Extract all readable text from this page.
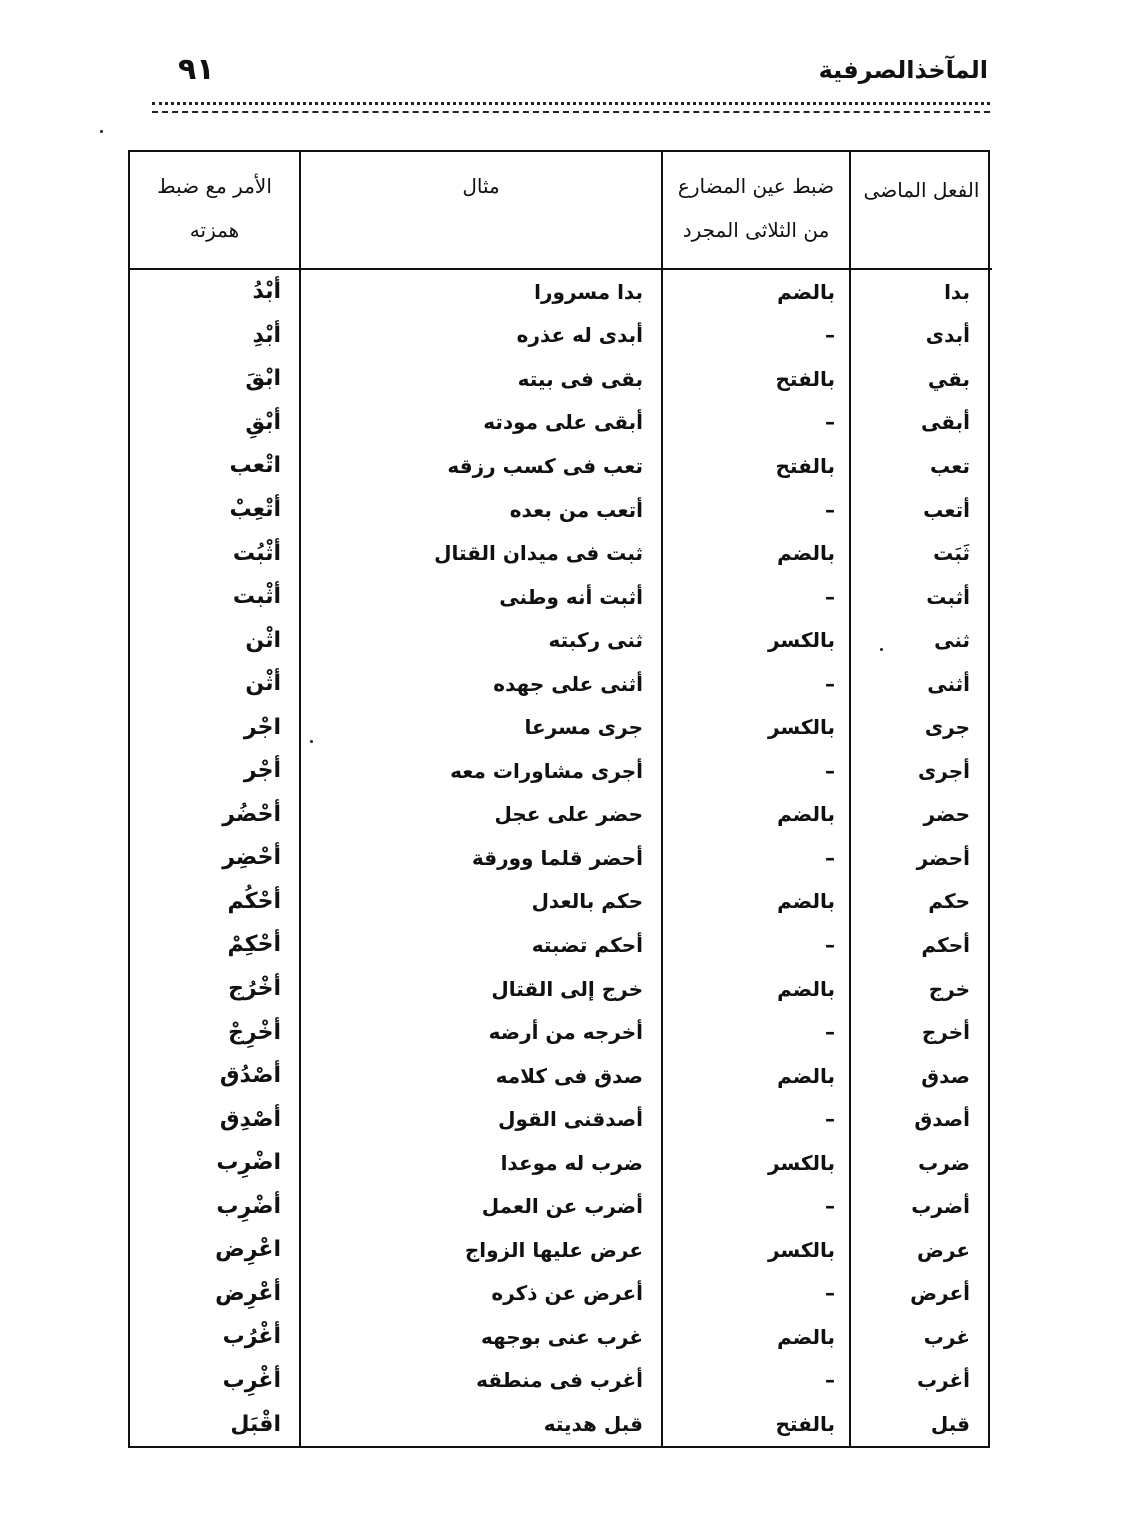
٩١	المآخذالصرفية
الفعل الماضى	ضبط عين المضارع من الثلاثى المجرد	مثال	الأمر مع ضبط همزته
بدا	بالضم	بدا مسرورا	أبْدُ
أبدى	–	أبدى له عذره	أبْدِ
بقي	بالفتح	بقى فى بيته	ابْقَ
أبقى	–	أبقى على مودته	أبْقِ
تعب	بالفتح	تعب فى كسب رزقه	اتْعب
أتعب	–	أتعب من بعده	أتْعِبْ
ثَبَت	بالضم	ثبت فى ميدان القتال	أثْبُت
أثبت	–	أثبت أنه وطنى	أثْبت
ثنى	بالكسر	ثنى ركبته	اثْن
أثنى	–	أثنى على جهده	أثْن
جرى	بالكسر	جرى مسرعا	اجْر
أجرى	–	أجرى مشاورات معه	أجْر
حضر	بالضم	حضر على عجل	أحْضُر
أحضر	–	أحضر قلما وورقة	أحْضِر
حكم	بالضم	حكم بالعدل	أحْكُم
أحكم	–	أحكم تضبته	أحْكِمْ
خرج	بالضم	خرج إلى القتال	أخْرُج
أخرج	–	أخرجه من أرضه	أخْرِجْ
صدق	بالضم	صدق فى كلامه	أصْدُق
أصدق	–	أصدقنى القول	أصْدِق
ضرب	بالكسر	ضرب له موعدا	اضْرِب
أضرب	–	أضرب عن العمل	أضْرِب
عرض	بالكسر	عرض عليها الزواج	اعْرِض
أعرض	–	أعرض عن ذكره	أعْرِض
غرب	بالضم	غرب عنى بوجهه	أغْرُب
أغرب	–	أغرب فى منطقه	أغْرِب
قبل	بالفتح	قبل هديته	اقْبَل
